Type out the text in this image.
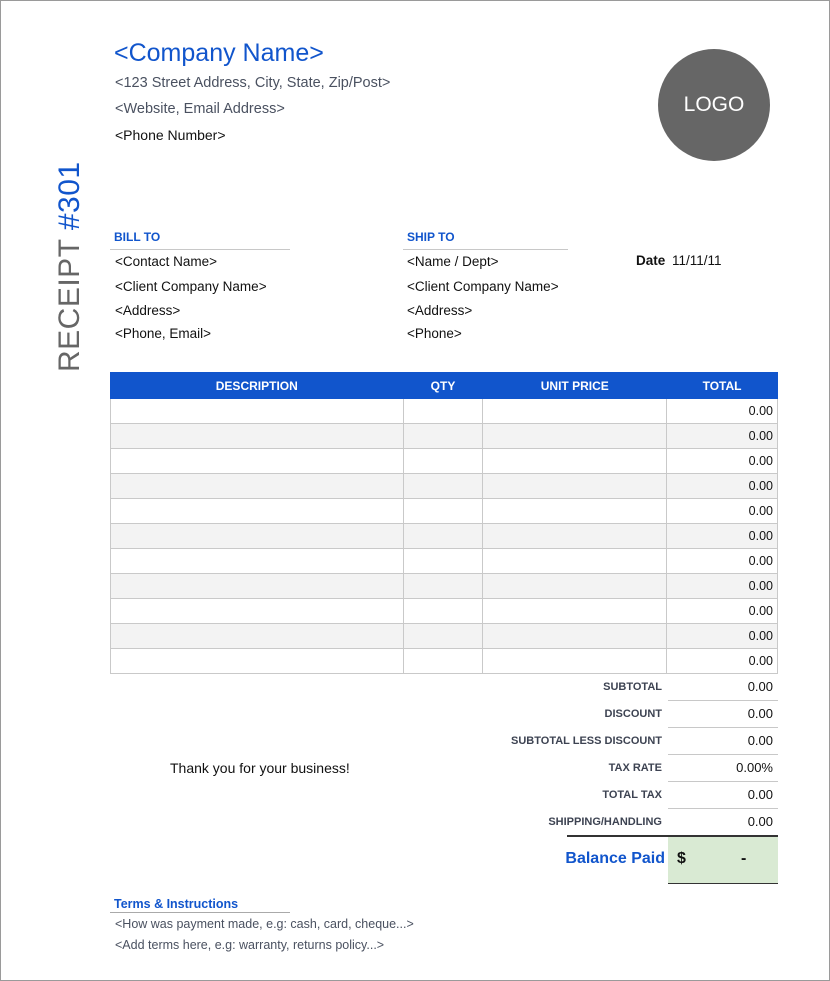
<Company Name>
<123 Street Address, City, State, Zip/Post>
<Website, Email Address>
<Phone Number>
LOGO
RECEIPT #301
BILL TO
<Contact Name>
<Client Company Name>
<Address>
<Phone, Email>
SHIP TO
<Name / Dept>
<Client Company Name>
<Address>
<Phone>
Date 11/11/11
DESCRIPTION	QTY	UNIT PRICE	TOTAL
			0.00
			0.00
			0.00
			0.00
			0.00
			0.00
			0.00
			0.00
			0.00
			0.00
			0.00
SUBTOTAL	0.00
DISCOUNT	0.00
SUBTOTAL LESS DISCOUNT	0.00
TAX RATE	0.00%
TOTAL TAX	0.00
SHIPPING/HANDLING	0.00
Thank you for your business!
Balance Paid $	-
Terms & Instructions
<How was payment made, e.g: cash, card, cheque...>
<Add terms here, e.g: warranty, returns policy...>
